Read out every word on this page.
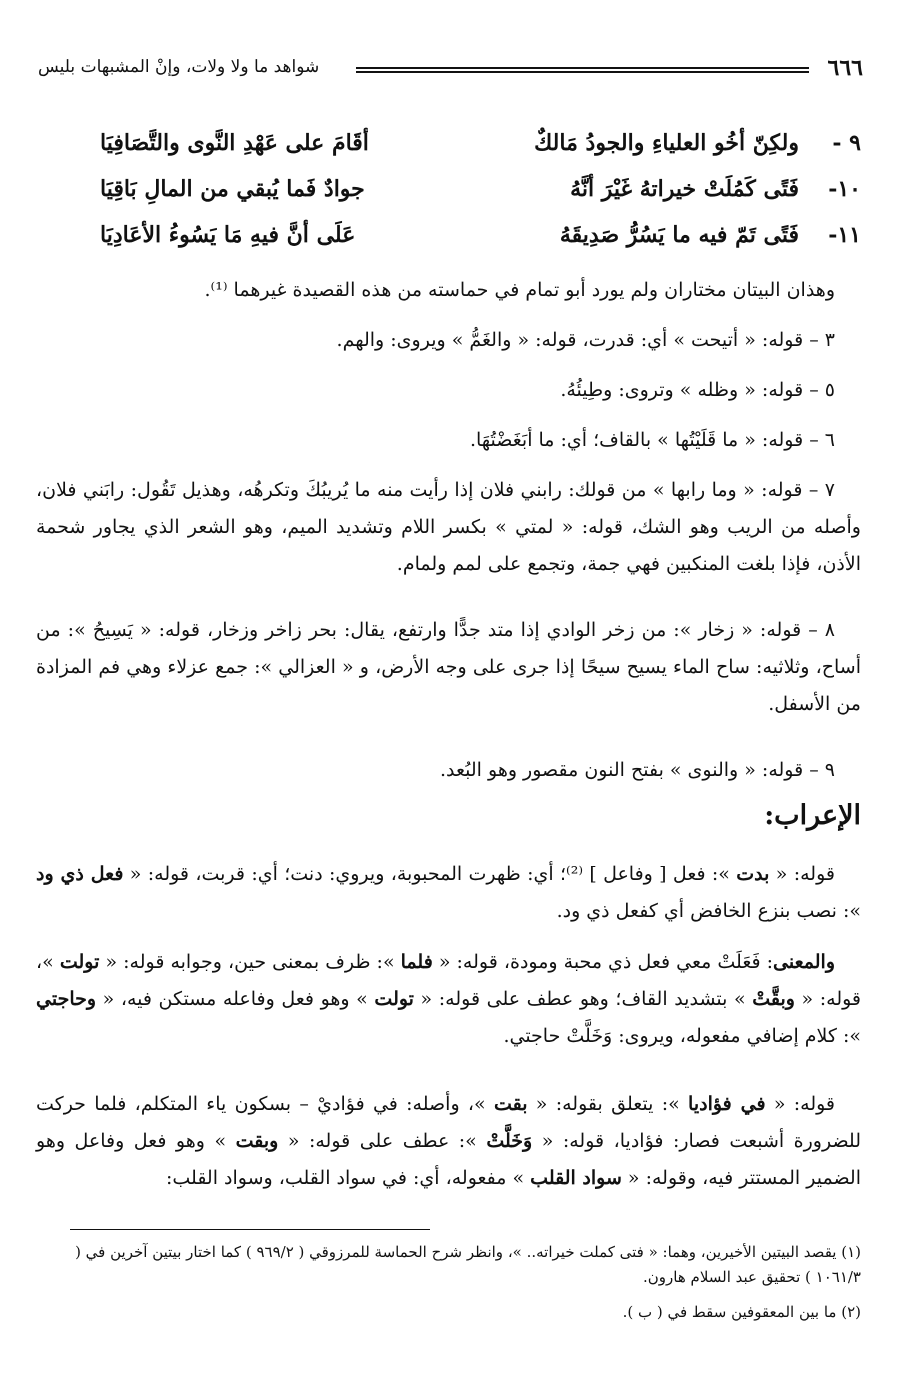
٦٦٦
شواهد ما ولا ولات، وإنْ المشبهات بليس
٩ -
ولكِنّ أخُو العلياءِ والجودُ مَالكٌ
أقَامَ على عَهْدِ النَّوى والتَّصَافِيَا
١٠-
فَتًى كَمُلَتْ خيراتهُ غَيْرَ أنَّهُ
جوادٌ فَما يُبقي من المالِ بَاقِيَا
١١-
فَتًى تَمّ فيه ما يَسُرُّ صَدِيقَهُ
عَلَى أنَّ فيهِ مَا يَسُوءُ الأعَادِيَا
وهذان البيتان مختاران ولم يورد أبو تمام في حماسته من هذه القصيدة غيرهما ⁽¹⁾.
٣ – قوله: « أتيحت » أي: قدرت، قوله: « والغَمُّ » ويروى: والهم.
٥ – قوله: « وظله » وتروى: وطِيئُهُ.
٦ – قوله: « ما قَلَيْتُها » بالقاف؛ أي: ما أبَغَضْتُهَا.
٧ – قوله: « وما رابها » من قولك: رابني فلان إذا رأيت منه ما يُريبُكَ وتكرهُه، وهذيل تَقُول: رابَني فلان، وأصله من الريب وهو الشك، قوله: « لمتي » بكسر اللام وتشديد الميم، وهو الشعر الذي يجاور شحمة الأذن، فإذا بلغت المنكبين فهي جمة، وتجمع على لمم ولمام.
٨ – قوله: « زخار »: من زخر الوادي إذا متد جدًّا وارتفع، يقال: بحر زاخر وزخار، قوله: « يَسِيحُ »: من أساح، وثلاثيه: ساح الماء يسيح سيحًا إذا جرى على وجه الأرض، و « العزالي »: جمع عزلاء وهي فم المزادة من الأسفل.
٩ – قوله: « والنوى » بفتح النون مقصور وهو البُعد.
الإعراب:
قوله: « بدت »: فعل [ وفاعل ] ⁽²⁾؛ أي: ظهرت المحبوبة، ويروي: دنت؛ أي: قربت، قوله: « فعل ذي ود »: نصب بنزع الخافض أي كفعل ذي ود.
والمعنى: فَعَلَتْ معي فعل ذي محبة ومودة، قوله: « فلما »: ظرف بمعنى حين، وجوابه قوله: « تولت »، قوله: « وبقَّتْ » بتشديد القاف؛ وهو عطف على قوله: « تولت » وهو فعل وفاعله مستكن فيه، « وحاجتي »: كلام إضافي مفعوله، ويروى: وَخَلَّتْ حاجتي.
قوله: « في فؤاديا »: يتعلق بقوله: « بقت »، وأصله: في فؤاديْ – بسكون ياء المتكلم، فلما حركت للضرورة أشبعت فصار: فؤاديا، قوله: « وَخَلَّتْ »: عطف على قوله: « وبقت » وهو فعل وفاعل وهو الضمير المستتر فيه، وقوله: « سواد القلب » مفعوله، أي: في سواد القلب، وسواد القلب:
(١) يقصد البيتين الأخيرين، وهما: « فتى كملت خيراته.. »، وانظر شرح الحماسة للمرزوقي ( ٩٦٩/٢ ) كما اختار بيتين آخرين في ( ١٠٦١/٣ ) تحقيق عبد السلام هارون.
(٢) ما بين المعقوفين سقط في ( ب ).
